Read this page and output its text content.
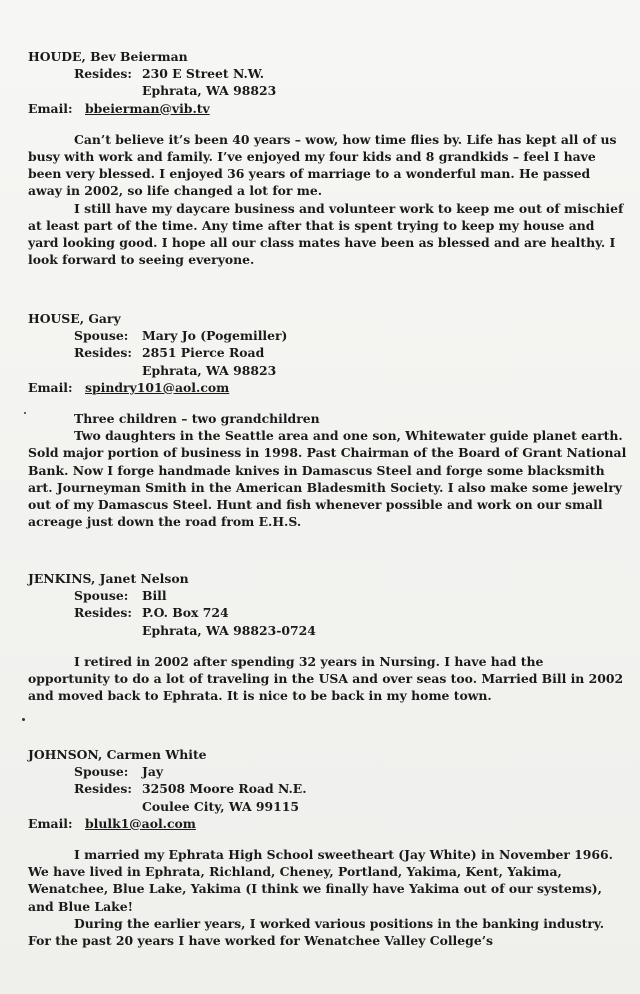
HOUDE, Bev Beierman
Resides: 230 E Street N.W.
Ephrata, WA 98823
Email: bbeierman@vib.tv

Can’t believe it’s been 40 years – wow, how time flies by. Life has kept all of us busy with work and family. I’ve enjoyed my four kids and 8 grandkids – feel I have been very blessed. I enjoyed 36 years of marriage to a wonderful man. He passed away in 2002, so life changed a lot for me.

I still have my daycare business and volunteer work to keep me out of mischief at least part of the time. Any time after that is spent trying to keep my house and yard looking good. I hope all our class mates have been as blessed and are healthy. I look forward to seeing everyone.

HOUSE, Gary
Spouse: Mary Jo (Pogemiller)
Resides: 2851 Pierce Road
Ephrata, WA 98823
Email: spindry101@aol.com

Three children – two grandchildren

Two daughters in the Seattle area and one son, Whitewater guide planet earth. Sold major portion of business in 1998. Past Chairman of the Board of Grant National Bank. Now I forge handmade knives in Damascus Steel and forge some blacksmith art. Journeyman Smith in the American Bladesmith Society. I also make some jewelry out of my Damascus Steel. Hunt and fish whenever possible and work on our small acreage just down the road from E.H.S.

JENKINS, Janet Nelson
Spouse: Bill
Resides: P.O. Box 724
Ephrata, WA 98823-0724

I retired in 2002 after spending 32 years in Nursing. I have had the opportunity to do a lot of traveling in the USA and over seas too. Married Bill in 2002 and moved back to Ephrata. It is nice to be back in my home town.

JOHNSON, Carmen White
Spouse: Jay
Resides: 32508 Moore Road N.E.
Coulee City, WA 99115
Email: blulk1@aol.com

I married my Ephrata High School sweetheart (Jay White) in November 1966. We have lived in Ephrata, Richland, Cheney, Portland, Yakima, Kent, Yakima, Wenatchee, Blue Lake, Yakima (I think we finally have Yakima out of our systems), and Blue Lake!

During the earlier years, I worked various positions in the banking industry. For the past 20 years I have worked for Wenatchee Valley College’s
